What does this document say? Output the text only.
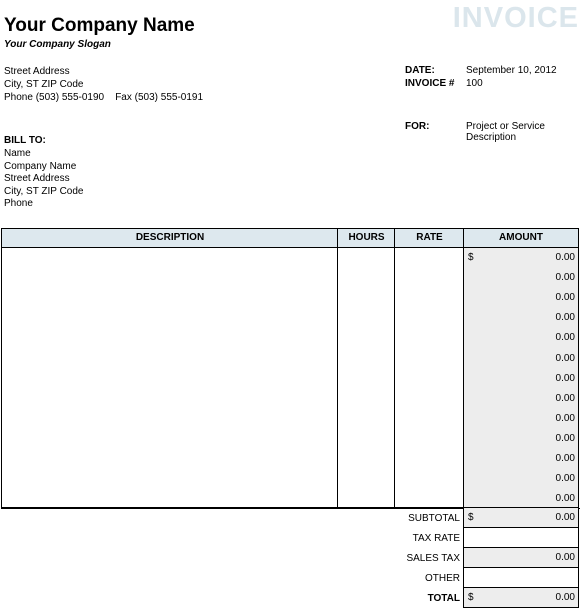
Your Company Name
Your Company Slogan
INVOICE
Street Address
City, ST ZIP Code
Phone (503) 555-0190    Fax (503) 555-0191
DATE:	September 10, 2012
INVOICE # 100
FOR:	Project or Service
Description
BILL TO:
Name
Company Name
Street Address
City, ST ZIP Code
Phone
DESCRIPTION	HOURS	RATE	AMOUNT
$	0.00
0.00
0.00
0.00
0.00
0.00
0.00
0.00
0.00
0.00
0.00
0.00
0.00
SUBTOTAL $	0.00
TAX RATE
SALES TAX	0.00
OTHER
TOTAL $	0.00
